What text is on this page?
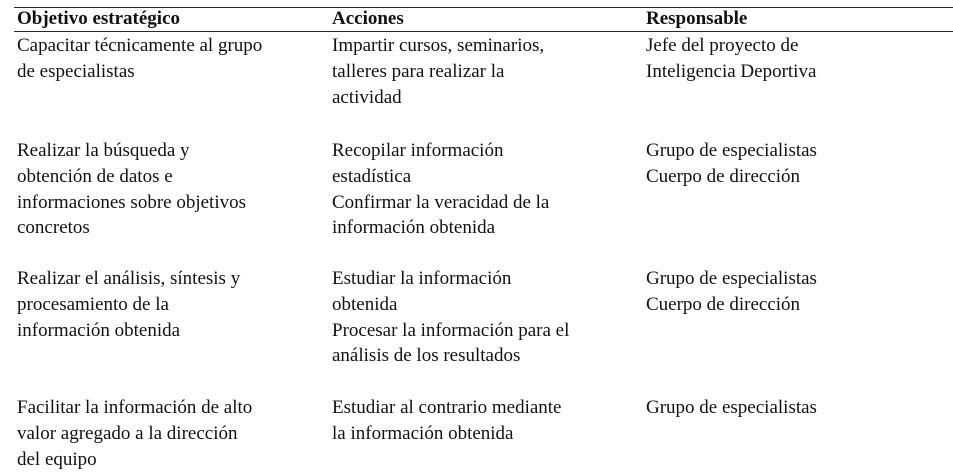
Objetivo estratégico	Acciones	Responsable
Capacitar técnicamente al grupo
de especialistas
Impartir cursos, seminarios,
talleres para realizar la
actividad
Jefe del proyecto de
Inteligencia Deportiva
Realizar la búsqueda y
obtención de datos e
informaciones sobre objetivos
concretos
Recopilar información
estadística
Confirmar la veracidad de la
información obtenida
Grupo de especialistas
Cuerpo de dirección
Realizar el análisis, síntesis y
procesamiento de la
información obtenida
Estudiar la información
obtenida
Procesar la información para el
análisis de los resultados
Grupo de especialistas
Cuerpo de dirección
Facilitar la información de alto
valor agregado a la dirección
del equipo
Estudiar al contrario mediante
la información obtenida
Grupo de especialistas
